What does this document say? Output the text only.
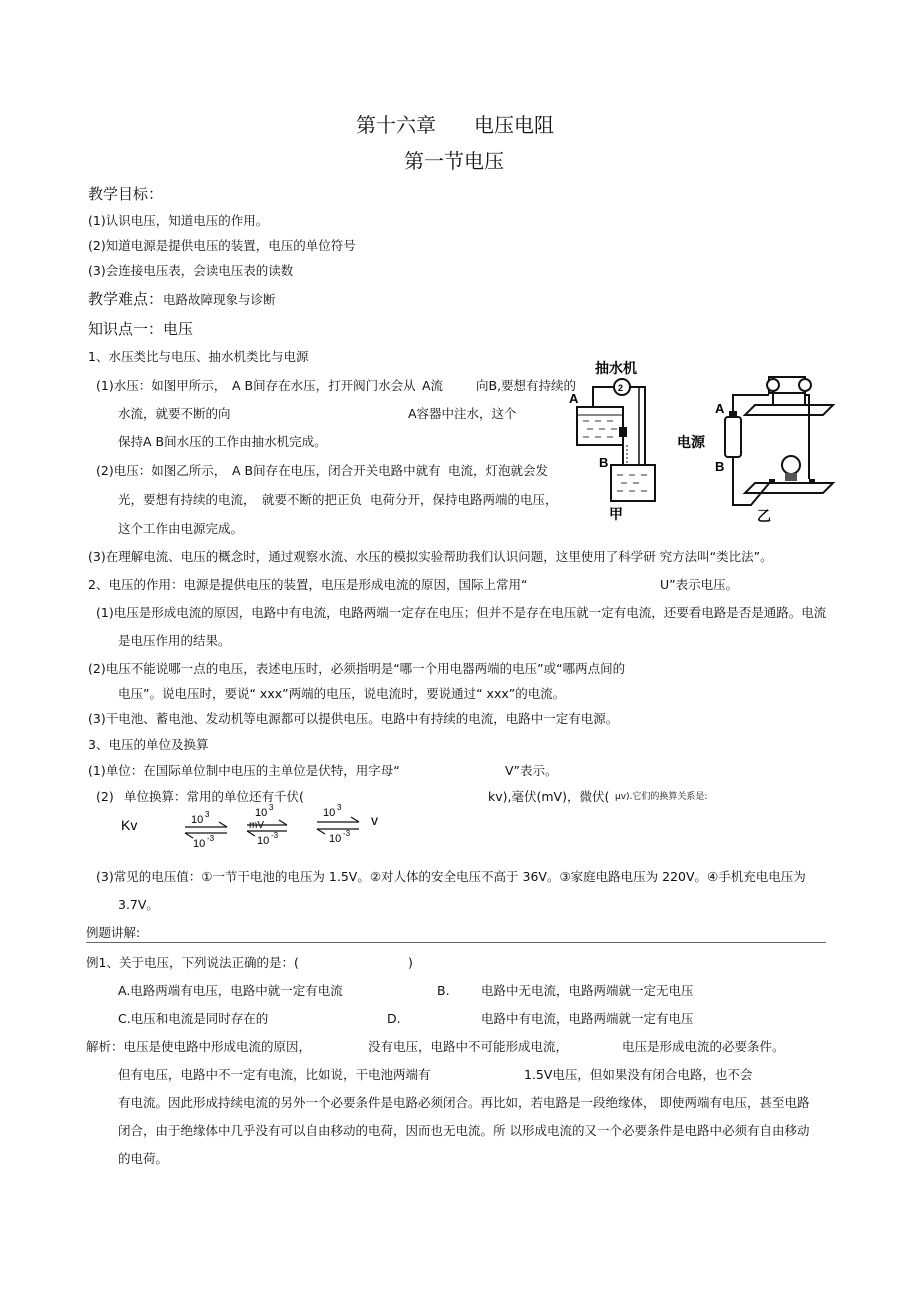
第十六章 电压电阻
第一节电压
教学目标：
(1)认识电压，知道电压的作用。
(2)知道电源是提供电压的装置，电压的单位符号
(3)会连接电压表，会读电压表的读数
教学难点： 电路故障现象与诊断
知识点一：电压
1、水压类比与电压、抽水机类比与电源
(1)水压：如图甲所示， A B间存在水压，打开阀门水会从 A流	向B,要想有持续的
水流，就要不断的向	A容器中注水，这个
保持A B间水压的工作由抽水机完成。
(2)电压：如图乙所示， A B间存在电压，闭合开关电路中就有 电流，灯泡就会发
光，要想有持续的电流， 就要不断的把正负 电荷分开，保持电路两端的电压，
这个工作由电源完成。
(3)在理解电流、电压的概念时，通过观察水流、水压的模拟实验帮助我们认识问题，这里使用了科学研 究方法叫“类比法”。
2、电压的作用：电源是提供电压的装置，电压是形成电流的原因，国际上常用“	U”表示电压。
(1)电压是形成电流的原因，电路中有电流，电路两端一定存在电压；但并不是存在电压就一定有电流，还要看电路是否是通路。电流
是电压作用的结果。
(2)电压不能说哪一点的电压，表述电压时，必须指明是“哪一个用电器两端的电压”或“哪两点间的
电压”。说电压时，要说“ xxx”两端的电压，说电流时，要说通过“ xxx”的电流。
(3)干电池、蓄电池、发动机等电源都可以提供电压。电路中有持续的电流，电路中一定有电源。
3、电压的单位及换算
(1)单位：在国际单位制中电压的主单位是伏特，用字母“	V”表示。
(2) 单位换算：常用的单位还有千伏(	kv),毫伏(mV)，微伏( μv).它们的换算关系是:
Kv	10 3
10 -3
10 3
mV
10 -3
10 3
10 -3
v
(3)常见的电压值：①一节干电池的电压为 1.5V。②对人体的安全电压不高于 36V。③家庭电路电压为 220V。④手机充电电压为
3.7V。
例题讲解:
例1、关于电压，下列说法正确的是：(	)
A.电路两端有电压，电路中就一定有电流	B.	电路中无电流，电路两端就一定无电压
C.电压和电流是同时存在的	D.	电路中有电流，电路两端就一定有电压
解析：电压是使电路中形成电流的原因，	没有电压，电路中不可能形成电流，	电压是形成电流的必要条件。
但有电压，电路中不一定有电流，比如说，干电池两端有	1.5V电压，但如果没有闭合电路，也不会
有电流。因此形成持续电流的另外一个必要条件是电路必须闭合。再比如，若电路是一段绝缘体， 即使两端有电压，甚至电路
闭合，由于绝缘体中几乎没有可以自由移动的电荷，因而也无电流。所 以形成电流的又一个必要条件是电路中必须有自由移动
的电荷。
抽水机
2
A
B
甲
电源
A
B
乙
